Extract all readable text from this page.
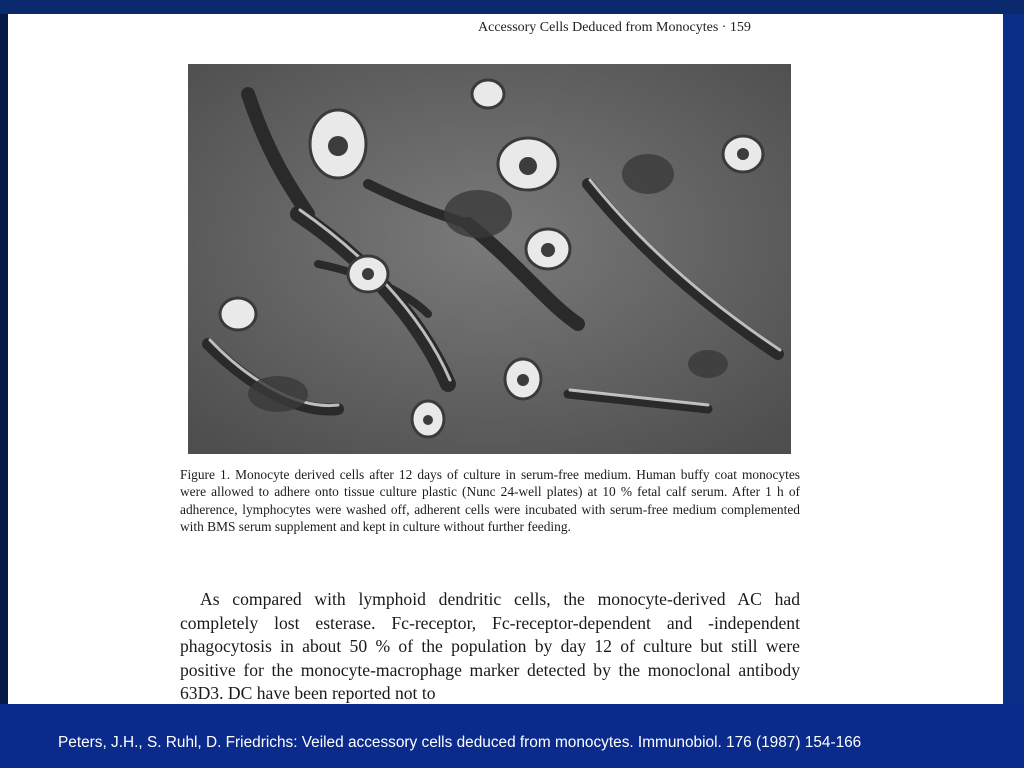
Accessory Cells Deduced from Monocytes · 159
Figure 1. Monocyte derived cells after 12 days of culture in serum-free medium. Human buffy coat monocytes were allowed to adhere onto tissue culture plastic (Nunc 24-well plates) at 10 % fetal calf serum. After 1 h of adherence, lymphocytes were washed off, adherent cells were incubated with serum-free medium complemented with BMS serum supplement and kept in culture without further feeding.
As compared with lymphoid dendritic cells, the monocyte-derived AC had completely lost esterase. Fc-receptor, Fc-receptor-dependent and -independent phagocytosis in about 50 % of the population by day 12 of culture but still were positive for the monocyte-macrophage marker detected by the monoclonal antibody 63D3. DC have been reported not to
Peters, J.H., S. Ruhl, D. Friedrichs: Veiled accessory cells deduced from monocytes. Immunobiol. 176 (1987) 154-166
